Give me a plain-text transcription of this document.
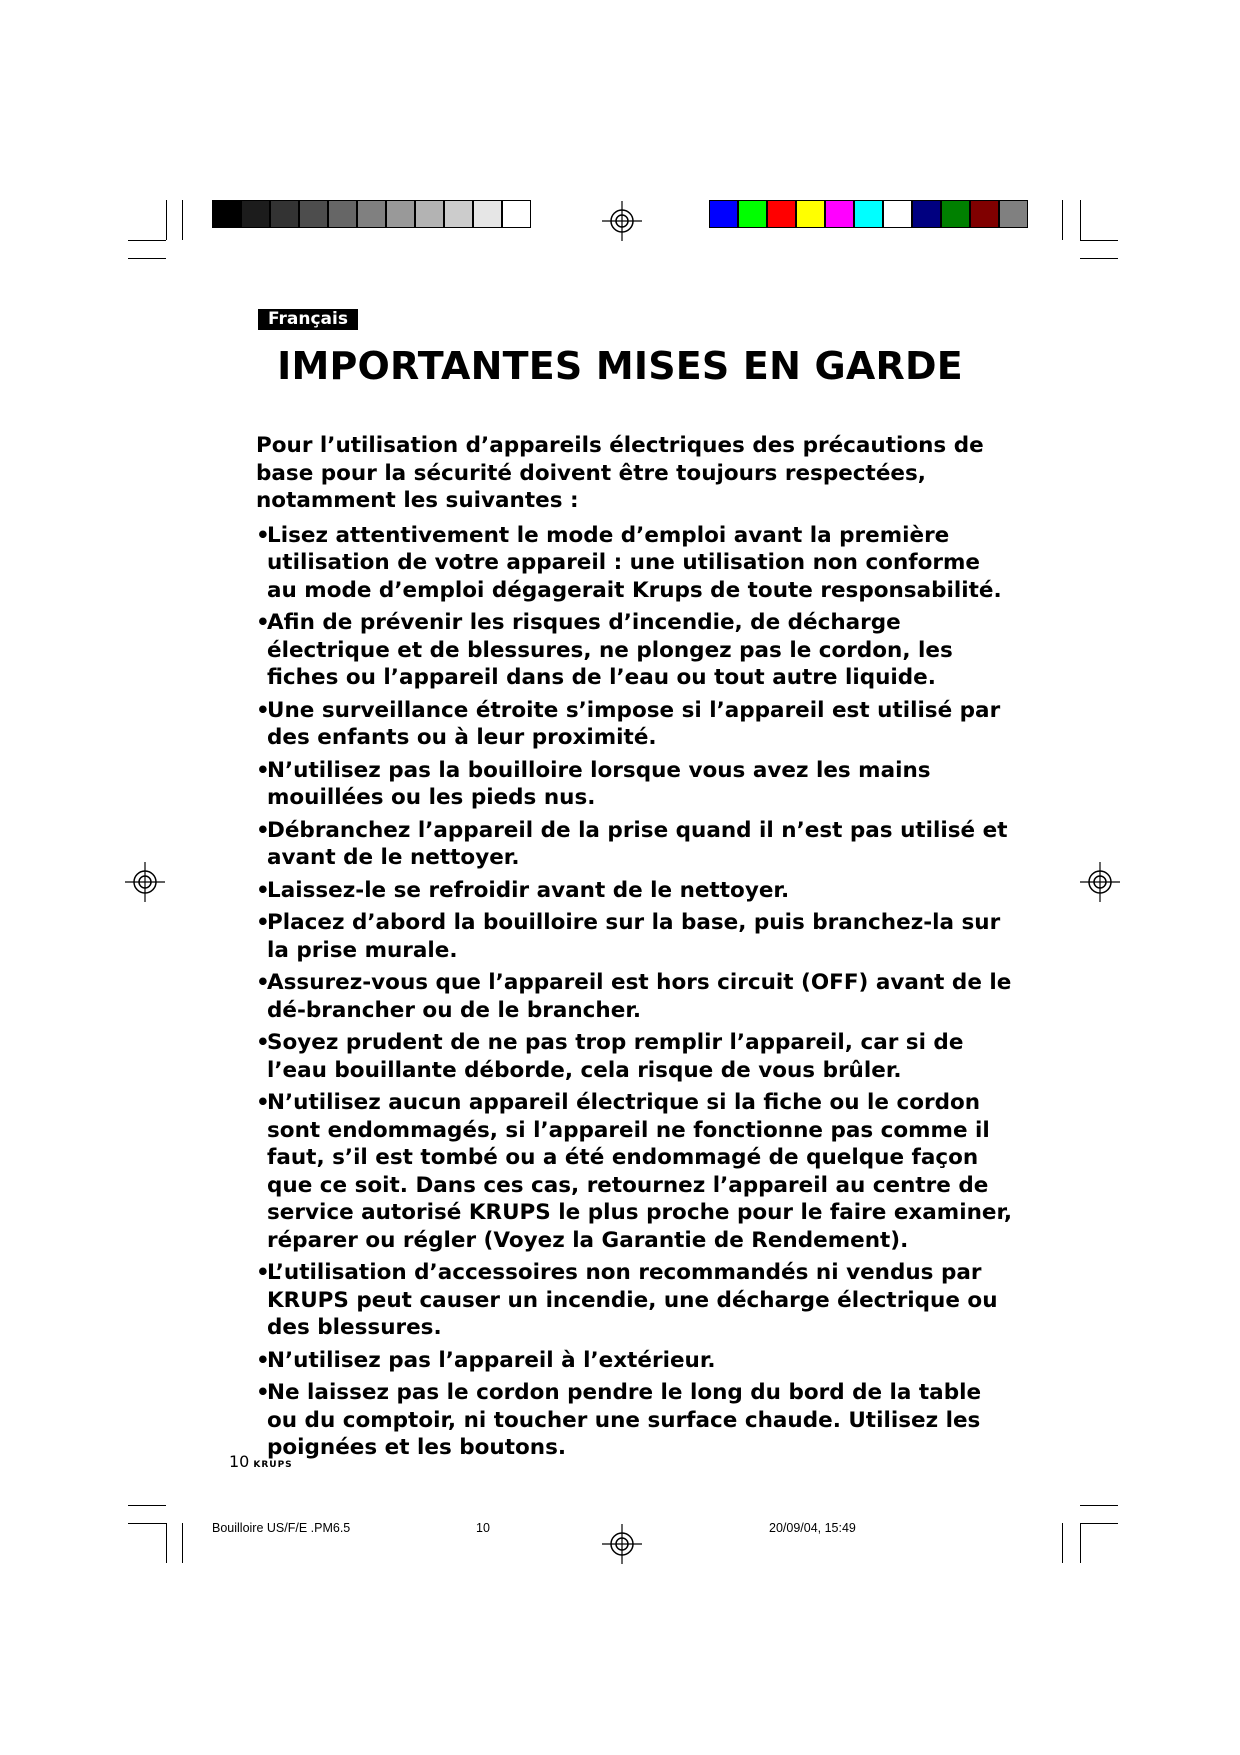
Français
IMPORTANTES MISES EN GARDE

Pour l’utilisation d’appareils électriques des précautions de base pour la sécurité doivent être toujours respectées, notamment les suivantes :

• Lisez attentivement le mode d’emploi avant la première utilisation de votre appareil : une utilisation non conforme au mode d’emploi dégagerait Krups de toute responsabilité.
• Afin de prévenir les risques d’incendie, de décharge électrique et de blessures, ne plongez pas le cordon, les fiches ou l’appareil dans de l’eau ou tout autre liquide.
• Une surveillance étroite s’impose si l’appareil est utilisé par des enfants ou à leur proximité.
• N’utilisez pas la bouilloire lorsque vous avez les mains mouillées ou les pieds nus.
• Débranchez l’appareil de la prise quand il n’est pas utilisé et avant de le nettoyer.
• Laissez-le se refroidir avant de le nettoyer.
• Placez d’abord la bouilloire sur la base, puis branchez-la sur la prise murale.
• Assurez-vous que l’appareil est hors circuit (OFF) avant de le dé-brancher ou de le brancher.
• Soyez prudent de ne pas trop remplir l’appareil, car si de l’eau bouillante déborde, cela risque de vous brûler.
• N’utilisez aucun appareil électrique si la fiche ou le cordon sont endommagés, si l’appareil ne fonctionne pas comme il faut, s’il est tombé ou a été endommagé de quelque façon que ce soit. Dans ces cas, retournez l’appareil au centre de service autorisé KRUPS le plus proche pour le faire examiner, réparer ou régler (Voyez la Garantie de Rendement).
• L’utilisation d’accessoires non recommandés ni vendus par KRUPS peut causer un incendie, une décharge électrique ou des blessures.
• N’utilisez pas l’appareil à l’extérieur.
• Ne laissez pas le cordon pendre le long du bord de la table ou du comptoir, ni toucher une surface chaude. Utilisez les poignées et les boutons.
10 KRUPS
Bouilloire US/F/E .PM6.5	10	20/09/04, 15:49
